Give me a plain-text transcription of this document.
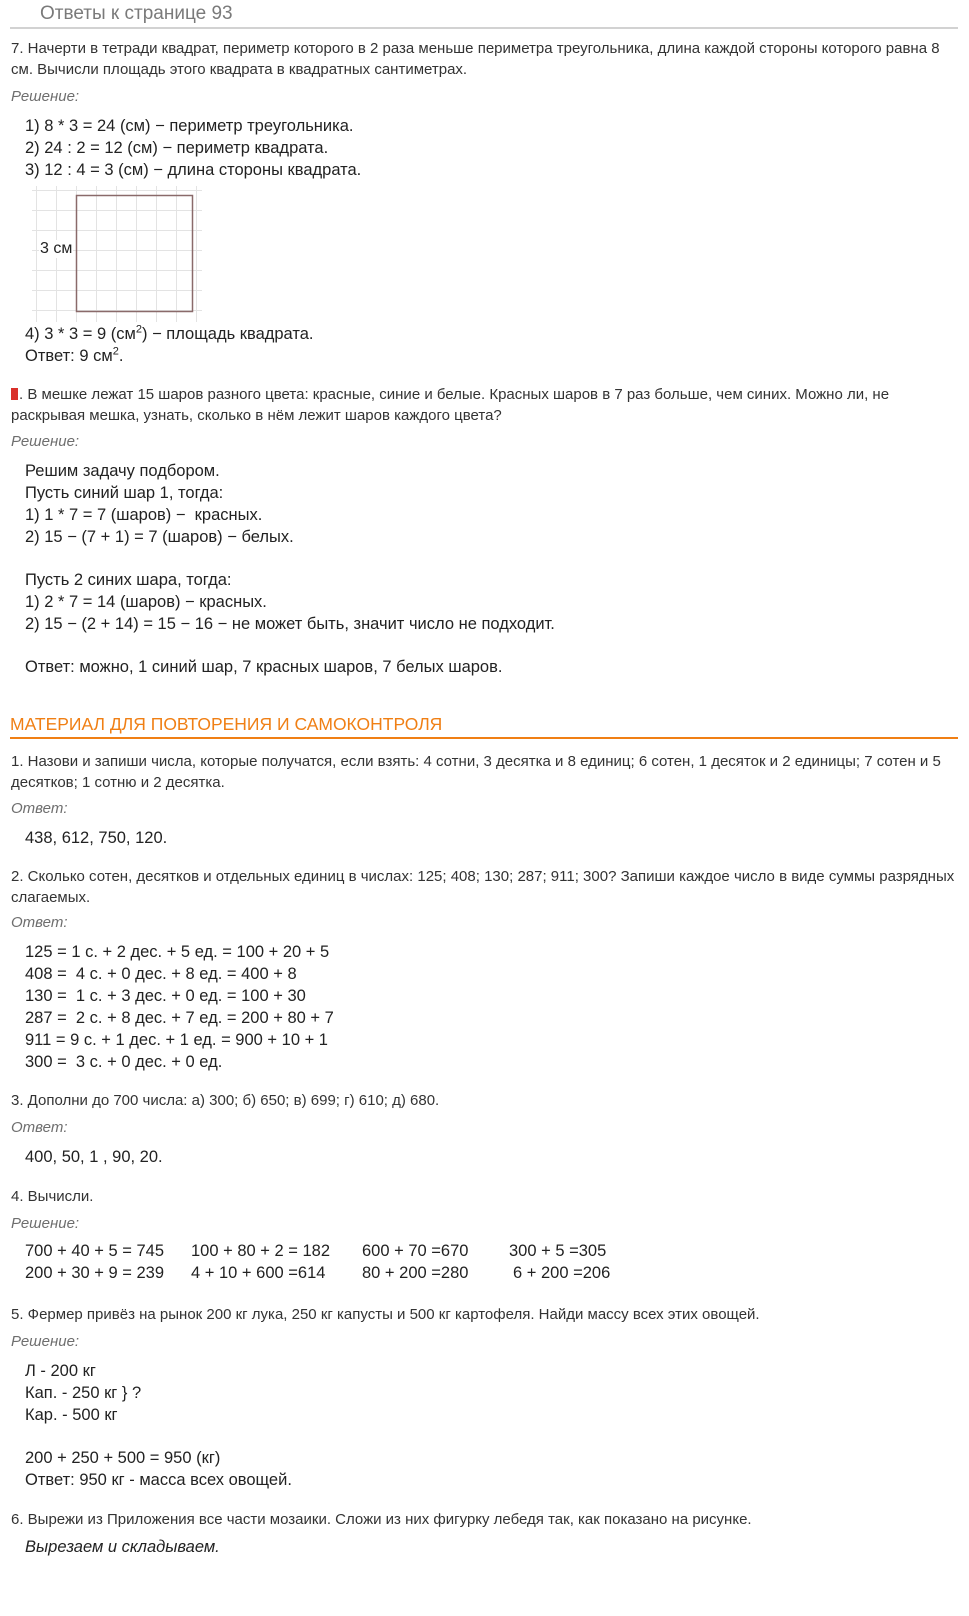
Ответы к странице 93

7. Начерти в тетради квадрат, периметр которого в 2 раза меньше периметра треугольника, длина каждой стороны которого равна 8 см. Вычисли площадь этого квадрата в квадратных сантиметрах.

Решение:

1) 8 * 3 = 24 (см) − периметр треугольника.
2) 24 : 2 = 12 (см) − периметр квадрата.
3) 12 : 4 = 3 (см) − длина стороны квадрата.
3 см
4) 3 * 3 = 9 $(см^2)$ − площадь квадрата.
Ответ: 9 $см^2$.

. В мешке лежат 15 шаров разного цвета: красные, синие и белые. Красных шаров в 7 раз больше, чем синих. Можно ли, не раскрывая мешка, узнать, сколько в нём лежит шаров каждого цвета?

Решение:

Решим задачу подбором.
Пусть синий шар 1, тогда:
1) 1 * 7 = 7 (шаров) −  красных.
2) 15 − (7 + 1) = 7 (шаров) − белых.
Пусть 2 синих шара, тогда:
1) 2 * 7 = 14 (шаров) − красных.
2) 15 − (2 + 14) = 15 − 16 − не может быть, значит число не подходит.
Ответ: можно, 1 синий шар, 7 красных шаров, 7 белых шаров.
МАТЕРИАЛ ДЛЯ ПОВТОРЕНИЯ И САМОКОНТРОЛЯ

1. Назови и запиши числа, которые получатся, если взять: 4 сотни, 3 десятка и 8 единиц; 6 сотен, 1 десяток и 2 единицы; 7 сотен и 5 десятков; 1 сотню и 2 десятка.

Ответ:

438, 612, 750, 120.

2. Сколько сотен, десятков и отдельных единиц в числах: 125; 408; 130; 287; 911; 300? Запиши каждое число в виде суммы разрядных слагаемых.

Ответ:

125 = 1 с. + 2 дес. + 5 ед. = 100 + 20 + 5
408 =  4 с. + 0 дес. + 8 ед. = 400 + 8
130 =  1 с. + 3 дес. + 0 ед. = 100 + 30
287 =  2 с. + 8 дес. + 7 ед. = 200 + 80 + 7
911 = 9 с. + 1 дес. + 1 ед. = 900 + 10 + 1
300 =  3 с. + 0 дес. + 0 ед.

3. Дополни до 700 числа: а) 300; б) 650; в) 699; г) 610; д) 680.

Ответ:

400, 50, 1 , 90, 20.

4. Вычисли.

Решение:

700 + 40 + 5 = 745 100 + 80 + 2 = 182 600 + 70 =670 300 + 5 =305
200 + 30 + 9 = 239 4 + 10 + 600 =614 80 + 200 =280	6 + 200 =206

5. Фермер привёз на рынок 200 кг лука, 250 кг капусты и 500 кг картофеля. Найди массу всех этих овощей.

Решение:

Л - 200 кг
Кап. - 250 кг } ?
Кар. - 500 кг
200 + 250 + 500 = 950 (кг)
Ответ: 950 кг - масса всех овощей.

6. Вырежи из Приложения все части мозаики. Сложи из них фигурку лебедя так, как показано на рисунке.

Вырезаем и складываем.
